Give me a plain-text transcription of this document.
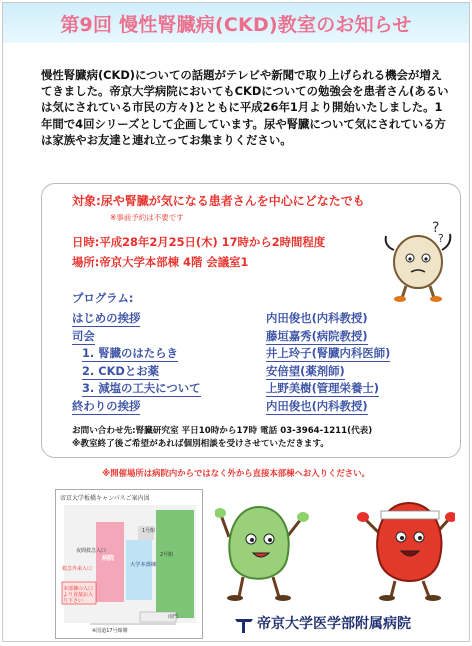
第9回 慢性腎臓病(CKD)教室のお知らせ

慢性腎臓病(CKD)についての話題がテレビや新聞で取り上げられる機会が増えてきました。帝京大学病院においてもCKDについての勉強会を患者さん(あるいは気にされている市民の方々)とともに平成26年1月より開始いたしました。1年間で4回シリーズとして企画しています。尿や腎臓について気にされている方は家族やお友達と連れ立ってお集まりください。

対象:尿や腎臓が気になる患者さんを中心にどなたでも
※事前予約は不要です
日時:平成28年2月25日(木) 17時から2時間程度
場所:帝京大学本部棟 4階 会議室1
プログラム:
はじめの挨拶	内田俊也(内科教授)
司会	藤垣嘉秀(病院教授)
1. 腎臓のはたらき	井上玲子(腎臓内科医師)
2. CKDとお薬	安倍望(薬剤師)
3. 減塩の工夫について	上野美樹(管理栄養士)
終わりの挨拶	内田俊也(内科教授)
お問い合わせ先:腎臓研究室 平日10時から17時 電話 03-3964-1211(代表)
※教室終了後ご希望があれば個別相談を受けさせていただきます。
?
?
※開催場所は病院内からではなく外から直接本部棟へお入りください。
帝京大学板橋キャンパスご案内図
夜間救急入口
救急外来入口
病院
大学本部棟
本部棟の入口より直接お入り下さい
1号館
2号館
南門
※国道17号線側	帝京大学医学部附属病院
